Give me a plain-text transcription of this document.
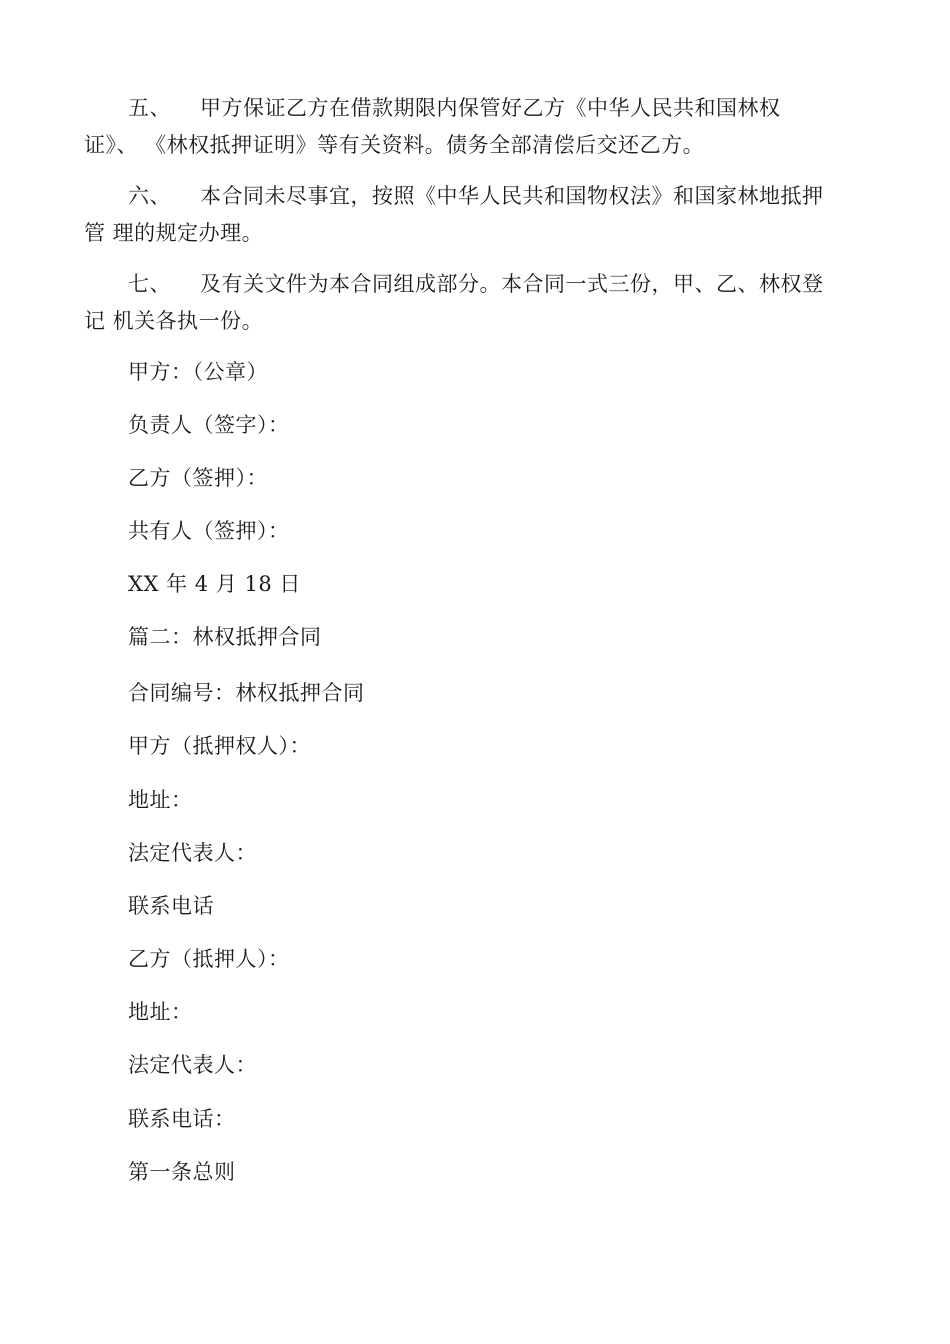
五、 甲方保证乙方在借款期限内保管好乙方《中华人民共和国林权
证》、 《林权抵押证明》等有关资料。债务全部清偿后交还乙方。
六、 本合同未尽事宜，按照《中华人民共和国物权法》和国家林地抵押
管 理的规定办理。
七、 及有关文件为本合同组成部分。本合同一式三份，甲、乙、林权登
记 机关各执一份。
甲方：（公章）
负责人（签字）：
乙方（签押）：
共有人（签押）：
XX 年 4 月 18 日
篇二：林权抵押合同
合同编号：林权抵押合同
甲方（抵押权人）：
地址：
法定代表人：
联系电话
乙方（抵押人）：
地址：
法定代表人：
联系电话：
第一条总则
